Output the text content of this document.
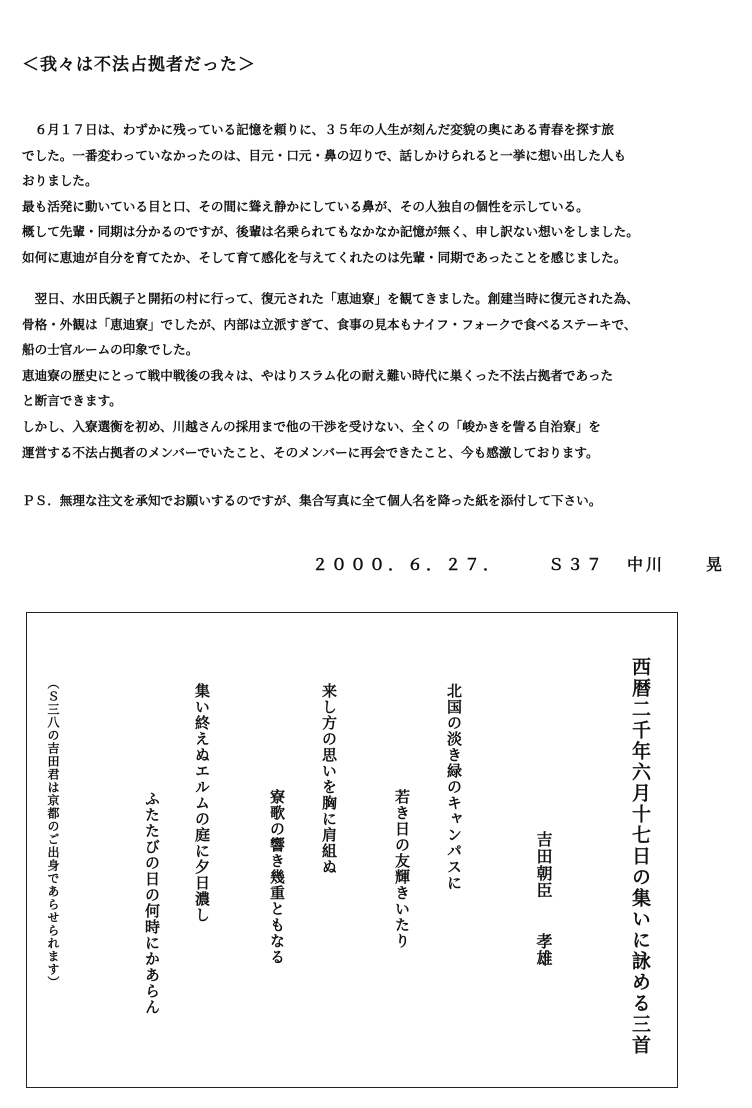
＜我々は不法占拠者だった＞

　６月１７日は、わずかに残っている記憶を頼りに、３５年の人生が刻んだ変貌の奥にある青春を探す旅

でした。一番変わっていなかったのは、目元・口元・鼻の辺りで、話しかけられると一挙に想い出した人も

おりました。

最も活発に動いている目と口、その間に聳え静かにしている鼻が、その人独自の個性を示している。

概して先輩・同期は分かるのですが、後輩は名乗られてもなかなか記憶が無く、申し訳ない想いをしました。

如何に恵迪が自分を育てたか、そして育て感化を与えてくれたのは先輩・同期であったことを感じました。

　翌日、水田氏親子と開拓の村に行って、復元された「恵迪寮」を観てきました。創建当時に復元された為、

骨格・外観は「恵迪寮」でしたが、内部は立派すぎて、食事の見本もナイフ・フォークで食べるステーキで、

船の士官ルームの印象でした。

恵迪寮の歴史にとって戦中戦後の我々は、やはりスラム化の耐え難い時代に巣くった不法占拠者であった

と断言できます。

しかし、入寮選衡を初め、川越さんの採用まで他の干渉を受けない、全くの「峻かきを訾る自治寮」を

運営する不法占拠者のメンバーでいたこと、そのメンバーに再会できたこと、今も感激しております。

ＰＳ．無理な注文を承知でお願いするのですが、集合写真に全て個人名を降った紙を添付して下さい。

２０００．６．２７．	Ｓ３７ 中川	晃
西暦二千年六月十七日の集いに詠める三首
吉田朝臣　　孝雄
北国の淡き緑のキャンパスに
若き日の友輝きいたり
来し方の思いを胸に肩組ぬ
寮歌の響き幾重ともなる
集い終えぬエルムの庭に夕日濃し
ふたたびの日の何時にかあらん
（Ｓ三八の吉田君は京都のご出身であらせられます）
